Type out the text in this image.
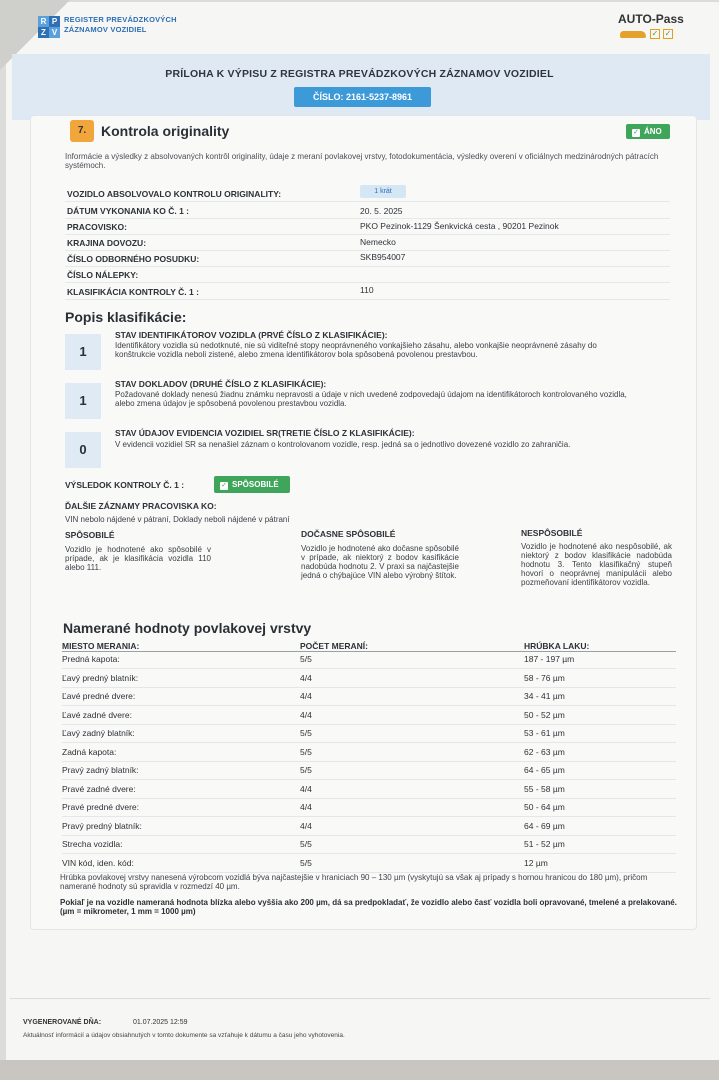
R P
Z V
REGISTER PREVÁDZKOVÝCH
ZÁZNAMOV VOZIDIEL
AUTO-Pass
✓ ✓
PRÍLOHA K VÝPISU Z REGISTRA PREVÁDZKOVÝCH ZÁZNAMOV VOZIDIEL
ČÍSLO: 2161-5237-8961
7.	Kontrola originality	✓ ÁNO
Informácie a výsledky z absolvovaných kontrôl originality, údaje z meraní povlakovej vrstvy, fotodokumentácia, výsledky overení v oficiálnych medzinárodných pátracích systémoch.
VOZIDLO ABSOLVOVALO KONTROLU ORIGINALITY:	1 krát
DÁTUM VYKONANIA KO Č. 1 :	20. 5. 2025
PRACOVISKO:	PKO Pezinok-1129 Šenkvická cesta , 90201 Pezinok
KRAJINA DOVOZU:	Nemecko
ČÍSLO ODBORNÉHO POSUDKU:	SKB954007
ČÍSLO NÁLEPKY:
KLASIFIKÁCIA KONTROLY Č. 1 :	110
Popis klasifikácie:
1
STAV IDENTIFIKÁTOROV VOZIDLA (PRVÉ ČÍSLO Z KLASIFIKÁCIE):
Identifikátory vozidla sú nedotknuté, nie sú viditeľné stopy neoprávneného vonkajšieho zásahu, alebo vonkajšie neoprávnené zásahy do konštrukcie vozidla neboli zistené, alebo zmena identifikátorov bola spôsobená povolenou prestavbou.
1
STAV DOKLADOV (DRUHÉ ČÍSLO Z KLASIFIKÁCIE):
Požadované doklady nenesú žiadnu známku nepravosti a údaje v nich uvedené zodpovedajú údajom na identifikátoroch kontrolovaného vozidla, alebo zmena údajov je spôsobená povolenou prestavbou vozidla.
0
STAV ÚDAJOV EVIDENCIA VOZIDIEL SR(TRETIE ČÍSLO Z KLASIFIKÁCIE):
V evidencii vozidiel SR sa nenašiel záznam o kontrolovanom vozidle, resp. jedná sa o jednotlivo dovezené vozidlo zo zahraničia.
VÝSLEDOK KONTROLY Č. 1 :	✓ SPÔSOBILÉ
ĎALŠIE ZÁZNAMY PRACOVISKA KO:
VIN nebolo nájdené v pátraní, Doklady neboli nájdené v pátraní
SPÔSOBILÉ
Vozidlo je hodnotené ako spôsobilé v prípade, ak je klasifikácia vozidla 110 alebo 111.
DOČASNE SPÔSOBILÉ
Vozidlo je hodnotené ako dočasne spôsobilé v prípade, ak niektorý z bodov kasifikácie nadobúda hodnotu 2. V praxi sa najčastejšie jedná o chýbajúce VIN alebo výrobný štítok.
NESPÔSOBILÉ
Vozidlo je hodnotené ako nespôsobilé, ak niektorý z bodov klasifikácie nadobúda hodnotu 3. Tento klasifikačný stupeň hovorí o neoprávnej manipulácii alebo pozmeňovaní identifikátorov vozidla.
Namerané hodnoty povlakovej vrstvy
MIESTO MERANIA:	POČET MERANÍ:	HRÚBKA LAKU:
Predná kapota:	5/5	187 - 197 µm
Ľavý predný blatník:	4/4	58 - 76 µm
Ľavé predné dvere:	4/4	34 - 41 µm
Ľavé zadné dvere:	4/4	50 - 52 µm
Ľavý zadný blatník:	5/5	53 - 61 µm
Zadná kapota:	5/5	62 - 63 µm
Pravý zadný blatník:	5/5	64 - 65 µm
Pravé zadné dvere:	4/4	55 - 58 µm
Pravé predné dvere:	4/4	50 - 64 µm
Pravý predný blatník:	4/4	64 - 69 µm
Strecha vozidla:	5/5	51 - 52 µm
VIN kód, iden. kód:	5/5	12 µm
Hrúbka povlakovej vrstvy nanesená výrobcom vozidlá býva najčastejšie v hraniciach 90 – 130 µm (vyskytujú sa však aj prípady s hornou hranicou do 180 µm), pričom namerané hodnoty sú spravidla v rozmedzí 40 µm.
Pokiaľ je na vozidle nameraná hodnota blízka alebo vyššia ako 200 µm, dá sa predpokladať, že vozidlo alebo časť vozidla boli opravované, tmelené a prelakované. (µm = mikrometer, 1 mm = 1000 µm)
VYGENEROVANÉ DŇA:	01.07.2025 12:59
Aktuálnosť informácií a údajov obsiahnutých v tomto dokumente sa vzťahuje k dátumu a času jeho vyhotovenia.
